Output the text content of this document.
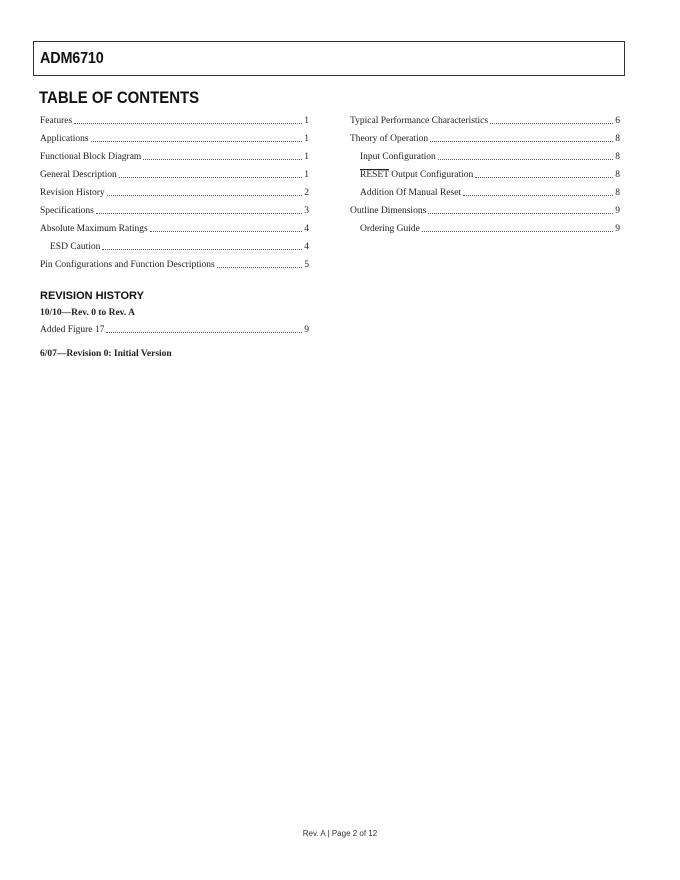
ADM6710
TABLE OF CONTENTS
Features	1
Applications	1
Functional Block Diagram	1
General Description	1
Revision History	2
Specifications	3
Absolute Maximum Ratings	4
ESD Caution	4
Pin Configurations and Function Descriptions	5
Typical Performance Characteristics	6
Theory of Operation	8
Input Configuration	8
RESET Output Configuration	8
Addition Of Manual Reset	8
Outline Dimensions	9
Ordering Guide	9
REVISION HISTORY
10/10—Rev. 0 to Rev. A
Added Figure 17	9
6/07—Revision 0: Initial Version
Rev. A | Page 2 of 12
